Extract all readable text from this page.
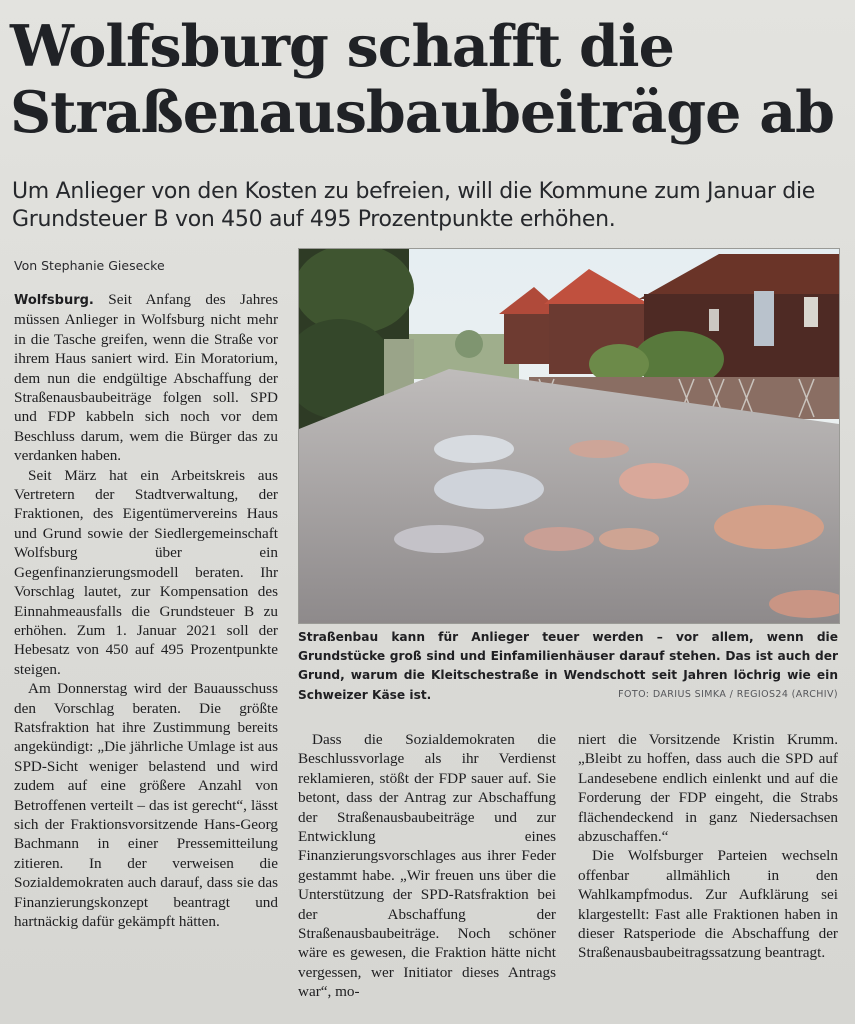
Wolfsburg schafft die
Straßenausbaubeiträge ab

Um Anlieger von den Kosten zu befreien, will die Kommune zum Januar die Grundsteuer B von 450 auf 495 Prozentpunkte erhöhen.

Von Stephanie Giesecke

Wolfsburg. Seit Anfang des Jahres müssen Anlieger in Wolfsburg nicht mehr in die Tasche greifen, wenn die Straße vor ihrem Haus saniert wird. Ein Moratorium, dem nun die endgültige Abschaffung der Straßenausbaubeiträge folgen soll. SPD und FDP kabbeln sich noch vor dem Beschluss darum, wem die Bürger das zu verdanken haben.

Seit März hat ein Arbeitskreis aus Vertretern der Stadtverwaltung, der Fraktionen, des Eigentümervereins Haus und Grund sowie der Siedlergemeinschaft Wolfsburg über ein Gegenfinanzierungsmodell beraten. Ihr Vorschlag lautet, zur Kompensation des Einnahmeausfalls die Grundsteuer B zu erhöhen. Zum 1. Januar 2021 soll der Hebesatz von 450 auf 495 Prozentpunkte steigen.

Am Donnerstag wird der Bauausschuss den Vorschlag beraten. Die größte Ratsfraktion hat ihre Zustimmung bereits angekündigt: „Die jährliche Umlage ist aus SPD-Sicht weniger belastend und wird zudem auf eine größere Anzahl von Betroffenen verteilt – das ist gerecht“, lässt sich der Fraktionsvorsitzende Hans-Georg Bachmann in einer Pressemitteilung zitieren. In der verweisen die Sozialdemokraten auch darauf, dass sie das Finanzierungskonzept beantragt und hartnäckig dafür gekämpft hätten.

Straßenbau kann für Anlieger teuer werden – vor allem, wenn die Grundstücke groß sind und Einfamilienhäuser darauf stehen. Das ist auch der Grund, warum die Kleitschestraße in Wendschott seit Jahren löchrig wie ein Schweizer Käse ist.	FOTO: DARIUS SIMKA / REGIOS24 (ARCHIV)

Dass die Sozialdemokraten die Beschlussvorlage als ihr Verdienst reklamieren, stößt der FDP sauer auf. Sie betont, dass der Antrag zur Abschaffung der Straßenausbaubeiträge und zur Entwicklung eines Finanzierungsvorschlages aus ihrer Feder gestammt habe. „Wir freuen uns über die Unterstützung der SPD-Ratsfraktion bei der Abschaffung der Straßenausbaubeiträge. Noch schöner wäre es gewesen, die Fraktion hätte nicht vergessen, wer Initiator dieses Antrags war“, mo-

niert die Vorsitzende Kristin Krumm. „Bleibt zu hoffen, dass auch die SPD auf Landesebene endlich einlenkt und auf die Forderung der FDP eingeht, die Strabs flächendeckend in ganz Niedersachsen abzuschaffen.“

Die Wolfsburger Parteien wechseln offenbar allmählich in den Wahlkampfmodus. Zur Aufklärung sei klargestellt: Fast alle Fraktionen haben in dieser Ratsperiode die Abschaffung der Straßenausbaubeitragssatzung beantragt.
